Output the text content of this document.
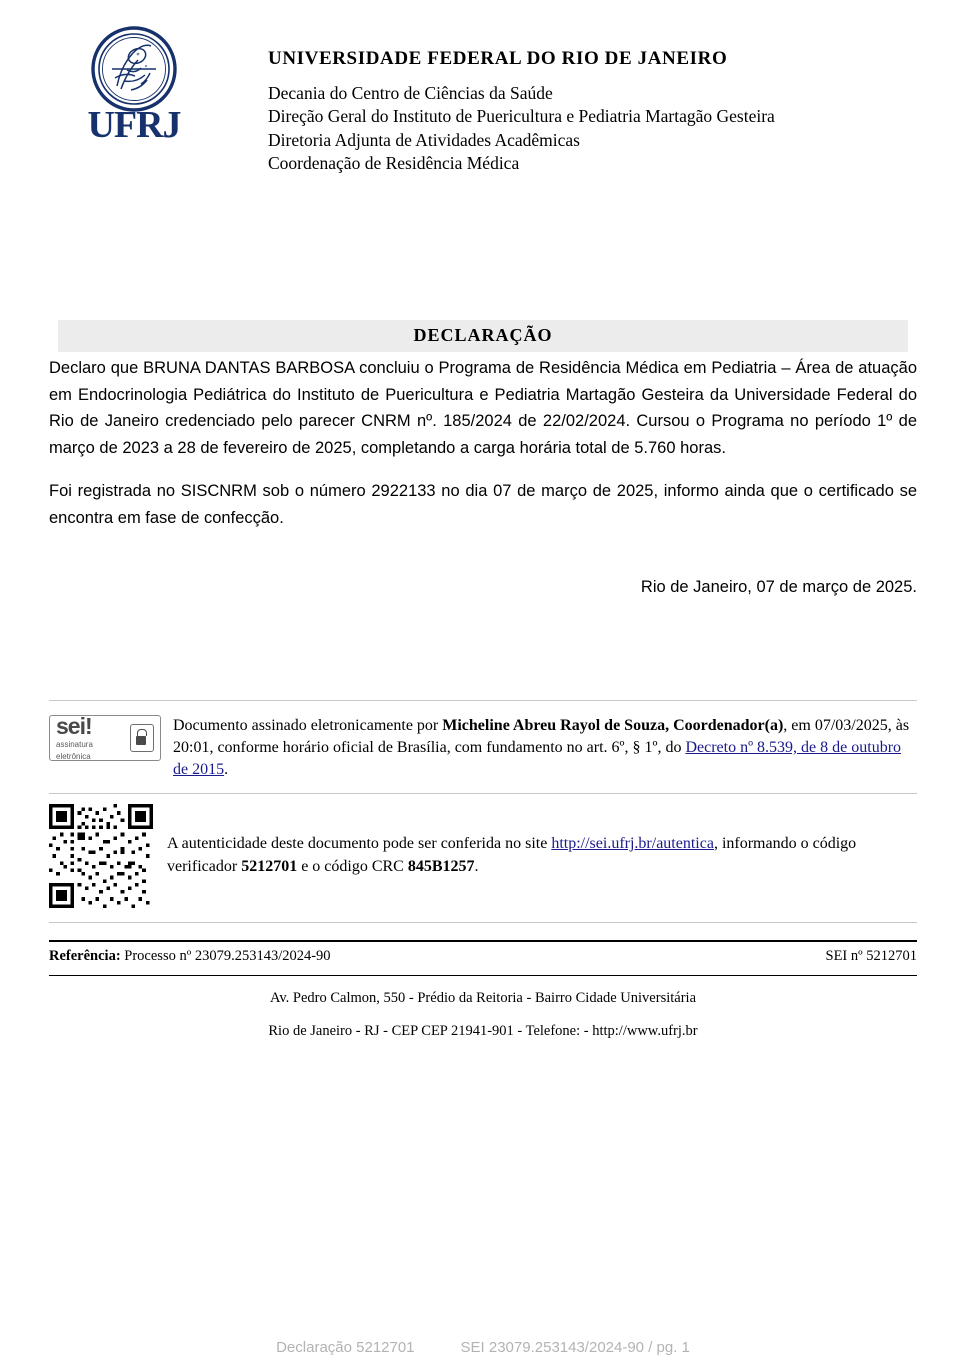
UFRJ
UNIVERSIDADE FEDERAL DO RIO DE JANEIRO
Decania do Centro de Ciências da Saúde
Direção Geral do Instituto de Puericultura e Pediatria Martagão Gesteira
Diretoria Adjunta de Atividades Acadêmicas
Coordenação de Residência Médica
DECLARAÇÃO

Declaro que BRUNA DANTAS BARBOSA concluiu o Programa de Residência Médica em Pediatria – Área de atuação em Endocrinologia Pediátrica do Instituto de Puericultura e Pediatria Martagão Gesteira da Universidade Federal do Rio de Janeiro credenciado pelo parecer CNRM nº. 185/2024 de 22/02/2024. Cursou o Programa no período 1º de março de 2023 a 28 de fevereiro de 2025, completando a carga horária total de 5.760 horas.

Foi registrada no SISCNRM sob o número 2922133 no dia 07 de março de 2025, informo ainda que o certificado se encontra em fase de confecção.

Rio de Janeiro, 07 de março de 2025.
sei!
assinatura
eletrônica
Documento assinado eletronicamente por Micheline Abreu Rayol de Souza, Coordenador(a), em 07/03/2025, às 20:01, conforme horário oficial de Brasília, com fundamento no art. 6º, § 1º, do Decreto nº 8.539, de 8 de outubro de 2015.
A autenticidade deste documento pode ser conferida no site http://sei.ufrj.br/autentica, informando o código verificador 5212701 e o código CRC 845B1257.
Referência: Processo nº 23079.253143/2024-90	SEI nº 5212701
Av. Pedro Calmon, 550 - Prédio da Reitoria - Bairro Cidade Universitária
Rio de Janeiro - RJ - CEP CEP 21941-901 - Telefone: - http://www.ufrj.br
Declaração 5212701	SEI 23079.253143/2024-90 / pg. 1
